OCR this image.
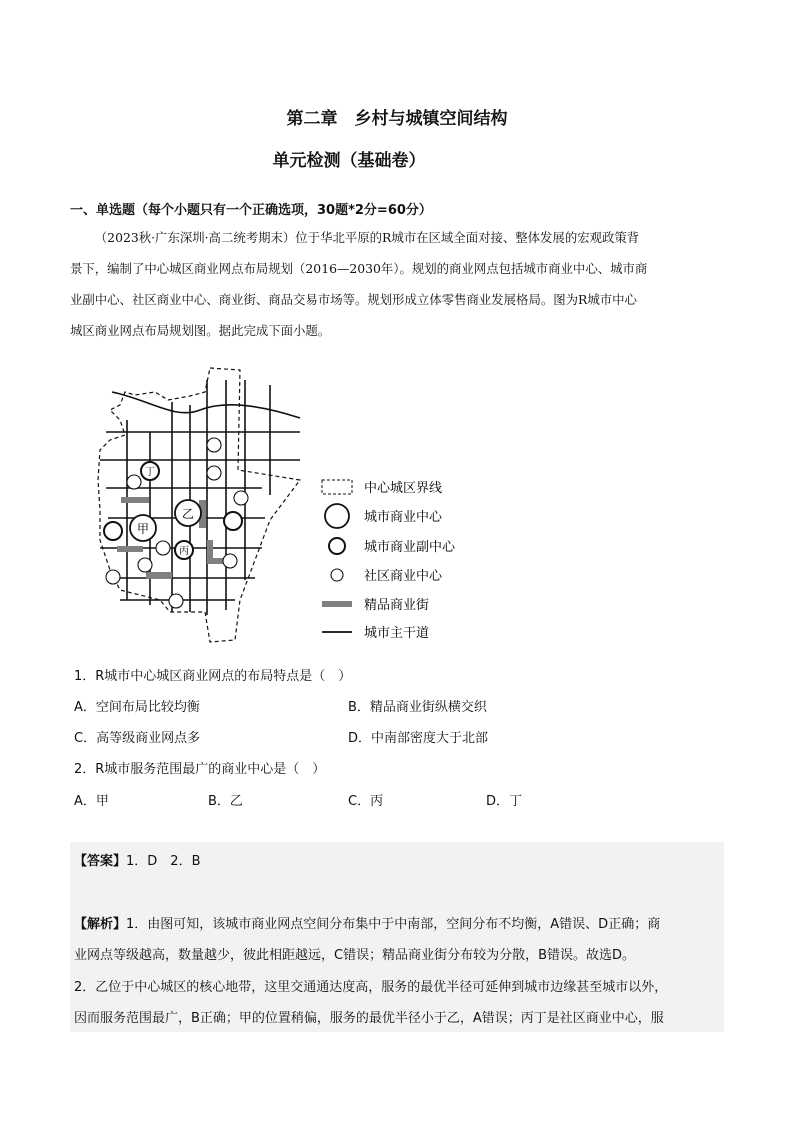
第二章　乡村与城镇空间结构
单元检测（基础卷）
一、单选题（每个小题只有一个正确选项，30题*2分=60分）

（2023秋·广东深圳·高二统考期末）位于华北平原的R城市在区域全面对接、整体发展的宏观政策背

景下，编制了中心城区商业网点布局规划（2016—2030年）。规划的商业网点包括城市商业中心、城市商
业副中心、社区商业中心、商业街、商品交易市场等。规划形成立体零售商业发展格局。图为R城市中心
城区商业网点布局规划图。据此完成下面小题。
甲
乙
丙
丁
中心城区界线
城市商业中心
城市商业副中心
社区商业中心
精品商业街
城市主干道
1．R城市中心城区商业网点的布局特点是（　）
A．空间布局比较均衡	B．精品商业街纵横交织
C．高等级商业网点多	D．中南部密度大于北部
2．R城市服务范围最广的商业中心是（　）
A．甲	B．乙	C．丙	D．丁
【答案】1．D　2．B
【解析】1．由图可知，该城市商业网点空间分布集中于中南部，空间分布不均衡，A错误、D正确；商
业网点等级越高，数量越少，彼此相距越远，C错误；精品商业街分布较为分散，B错误。故选D。
2．乙位于中心城区的核心地带，这里交通通达度高，服务的最优半径可延伸到城市边缘甚至城市以外，
因而服务范围最广，B正确；甲的位置稍偏，服务的最优半径小于乙，A错误；丙丁是社区商业中心，服
